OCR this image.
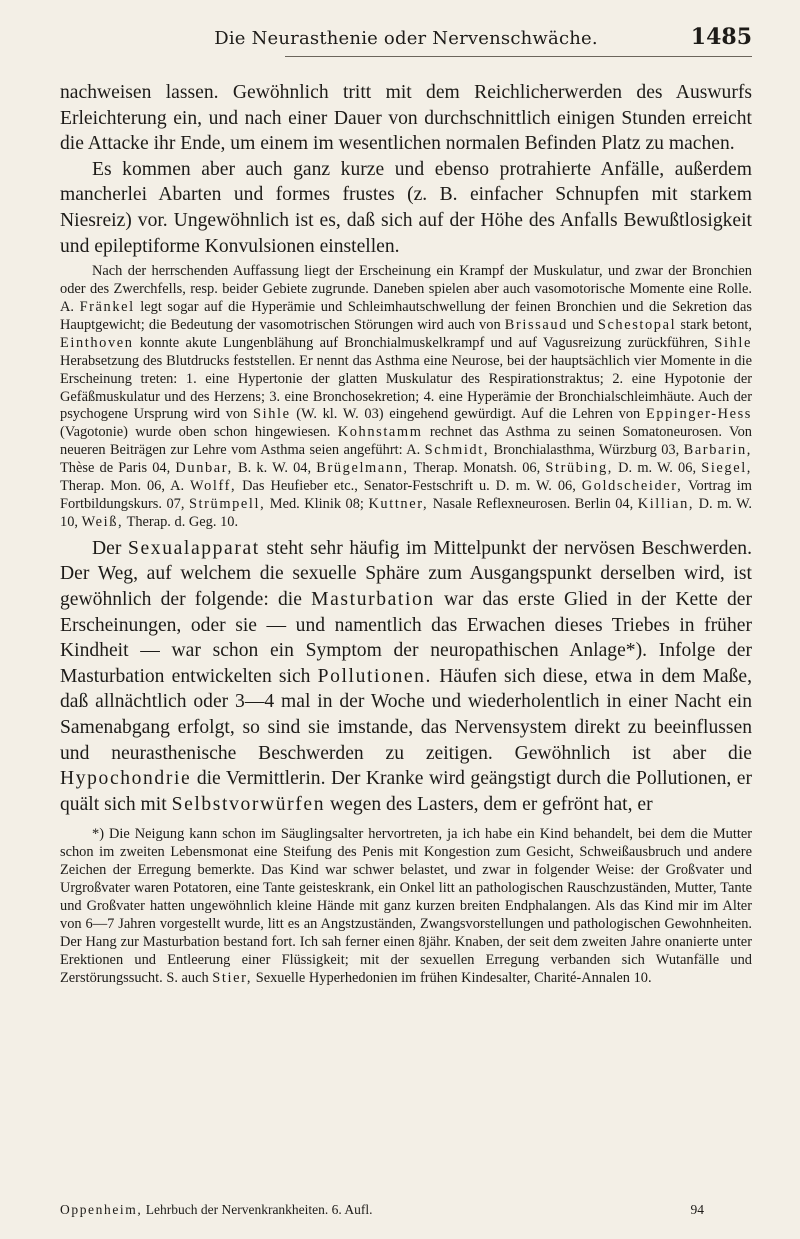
Die Neurasthenie oder Nervenschwäche.	1485

nachweisen lassen. Gewöhnlich tritt mit dem Reichlicherwerden des Auswurfs Erleichterung ein, und nach einer Dauer von durchschnittlich einigen Stunden erreicht die Attacke ihr Ende, um einem im wesentlichen normalen Befinden Platz zu machen.

Es kommen aber auch ganz kurze und ebenso protrahierte Anfälle, außerdem mancherlei Abarten und formes frustes (z. B. einfacher Schnupfen mit starkem Niesreiz) vor. Ungewöhnlich ist es, daß sich auf der Höhe des Anfalls Bewußtlosigkeit und epileptiforme Konvulsionen einstellen.

Nach der herrschenden Auffassung liegt der Erscheinung ein Krampf der Muskulatur, und zwar der Bronchien oder des Zwerchfells, resp. beider Gebiete zugrunde. Daneben spielen aber auch vasomotorische Momente eine Rolle. A. Fränkel legt sogar auf die Hyperämie und Schleimhautschwellung der feinen Bronchien und die Sekretion das Hauptgewicht; die Bedeutung der vasomotrischen Störungen wird auch von Brissaud und Schestopal stark betont, Einthoven konnte akute Lungenblähung auf Bronchialmuskelkrampf und auf Vagusreizung zurückführen, Sihle Herabsetzung des Blutdrucks feststellen. Er nennt das Asthma eine Neurose, bei der hauptsächlich vier Momente in die Erscheinung treten: 1. eine Hypertonie der glatten Muskulatur des Respirationstraktus; 2. eine Hypotonie der Gefäßmuskulatur und des Herzens; 3. eine Bronchosekretion; 4. eine Hyperämie der Bronchialschleimhäute. Auch der psychogene Ursprung wird von Sihle (W. kl. W. 03) eingehend gewürdigt. Auf die Lehren von Eppinger-Hess (Vagotonie) wurde oben schon hingewiesen. Kohnstamm rechnet das Asthma zu seinen Somatoneurosen. Von neueren Beiträgen zur Lehre vom Asthma seien angeführt: A. Schmidt, Bronchialasthma, Würzburg 03, Barbarin, Thèse de Paris 04, Dunbar, B. k. W. 04, Brügelmann, Therap. Monatsh. 06, Strübing, D. m. W. 06, Siegel, Therap. Mon. 06, A. Wolff, Das Heufieber etc., Senator-Festschrift u. D. m. W. 06, Goldscheider, Vortrag im Fortbildungskurs. 07, Strümpell, Med. Klinik 08; Kuttner, Nasale Reflexneurosen. Berlin 04, Killian, D. m. W. 10, Weiß, Therap. d. Geg. 10.

Der Sexualapparat steht sehr häufig im Mittelpunkt der nervösen Beschwerden. Der Weg, auf welchem die sexuelle Sphäre zum Ausgangspunkt derselben wird, ist gewöhnlich der folgende: die Masturbation war das erste Glied in der Kette der Erscheinungen, oder sie — und namentlich das Erwachen dieses Triebes in früher Kindheit — war schon ein Symptom der neuropathischen Anlage*). Infolge der Masturbation entwickelten sich Pollutionen. Häufen sich diese, etwa in dem Maße, daß allnächtlich oder 3—4 mal in der Woche und wiederholentlich in einer Nacht ein Samenabgang erfolgt, so sind sie imstande, das Nervensystem direkt zu beeinflussen und neurasthenische Beschwerden zu zeitigen. Gewöhnlich ist aber die Hypochondrie die Vermittlerin. Der Kranke wird geängstigt durch die Pollutionen, er quält sich mit Selbstvorwürfen wegen des Lasters, dem er gefrönt hat, er

*) Die Neigung kann schon im Säuglingsalter hervortreten, ja ich habe ein Kind behandelt, bei dem die Mutter schon im zweiten Lebensmonat eine Steifung des Penis mit Kongestion zum Gesicht, Schweißausbruch und andere Zeichen der Erregung bemerkte. Das Kind war schwer belastet, und zwar in folgender Weise: der Großvater und Urgroßvater waren Potatoren, eine Tante geisteskrank, ein Onkel litt an pathologischen Rauschzuständen, Mutter, Tante und Großvater hatten ungewöhnlich kleine Hände mit ganz kurzen breiten Endphalangen. Als das Kind mir im Alter von 6—7 Jahren vorgestellt wurde, litt es an Angstzuständen, Zwangsvorstellungen und pathologischen Gewohnheiten. Der Hang zur Masturbation bestand fort. Ich sah ferner einen 8jähr. Knaben, der seit dem zweiten Jahre onanierte unter Erektionen und Entleerung einer Flüssigkeit; mit der sexuellen Erregung verbanden sich Wutanfälle und Zerstörungssucht. S. auch Stier, Sexuelle Hyperhedonien im frühen Kindesalter, Charité-Annalen 10.

Oppenheim, Lehrbuch der Nervenkrankheiten. 6. Aufl.	94
